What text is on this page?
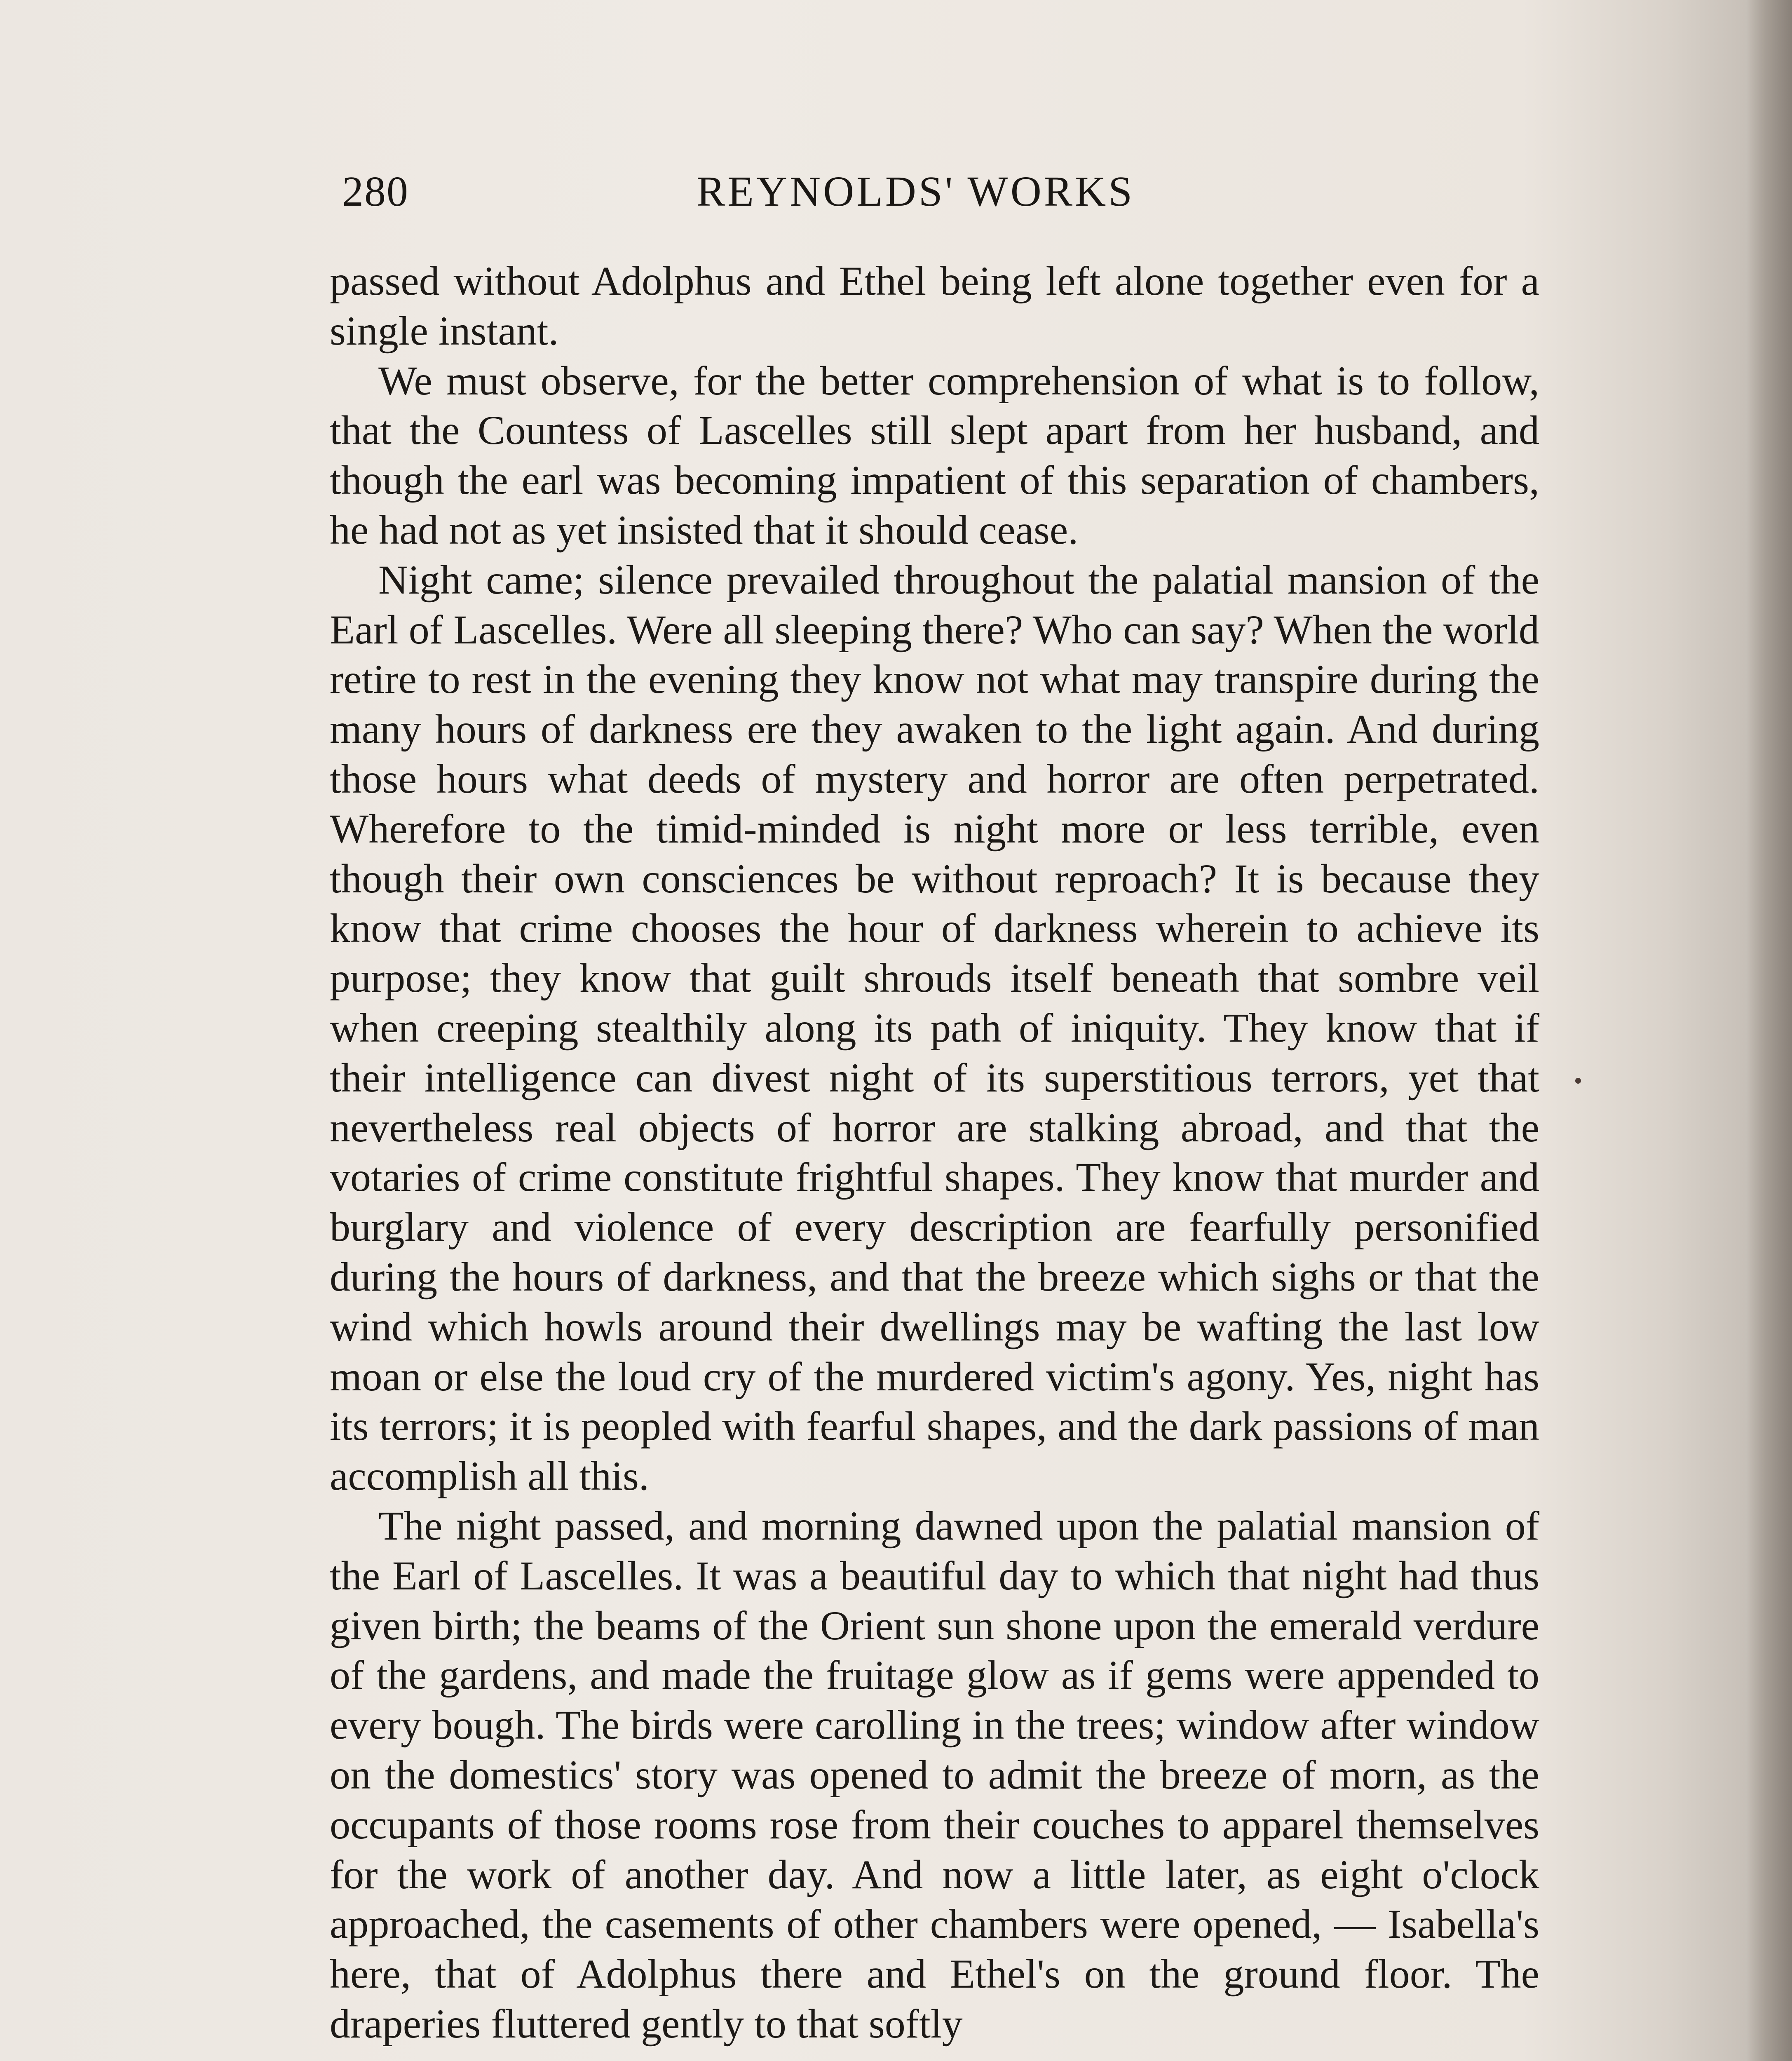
280	REYNOLDS' WORKS

passed without Adolphus and Ethel being left alone together even for a single instant.

We must observe, for the better comprehension of what is to follow, that the Countess of Lascelles still slept apart from her husband, and though the earl was becoming impatient of this separation of chambers, he had not as yet insisted that it should cease.

Night came; silence prevailed throughout the palatial mansion of the Earl of Lascelles. Were all sleeping there? Who can say? When the world retire to rest in the evening they know not what may transpire during the many hours of darkness ere they awaken to the light again. And during those hours what deeds of mystery and horror are often perpetrated. Wherefore to the timid-minded is night more or less terrible, even though their own consciences be without reproach? It is because they know that crime chooses the hour of darkness wherein to achieve its purpose; they know that guilt shrouds itself beneath that sombre veil when creeping stealthily along its path of iniquity. They know that if their intelligence can divest night of its superstitious terrors, yet that nevertheless real objects of horror are stalking abroad, and that the votaries of crime constitute frightful shapes. They know that murder and burglary and violence of every description are fearfully personified during the hours of darkness, and that the breeze which sighs or that the wind which howls around their dwellings may be wafting the last low moan or else the loud cry of the murdered victim's agony. Yes, night has its terrors; it is peopled with fearful shapes, and the dark passions of man accomplish all this.

The night passed, and morning dawned upon the palatial mansion of the Earl of Lascelles. It was a beautiful day to which that night had thus given birth; the beams of the Orient sun shone upon the emerald verdure of the gardens, and made the fruitage glow as if gems were appended to every bough. The birds were carolling in the trees; window after window on the domestics' story was opened to admit the breeze of morn, as the occupants of those rooms rose from their couches to apparel themselves for the work of another day. And now a little later, as eight o'clock approached, the casements of other chambers were opened, — Isabella's here, that of Adolphus there and Ethel's on the ground floor. The draperies fluttered gently to that softly
